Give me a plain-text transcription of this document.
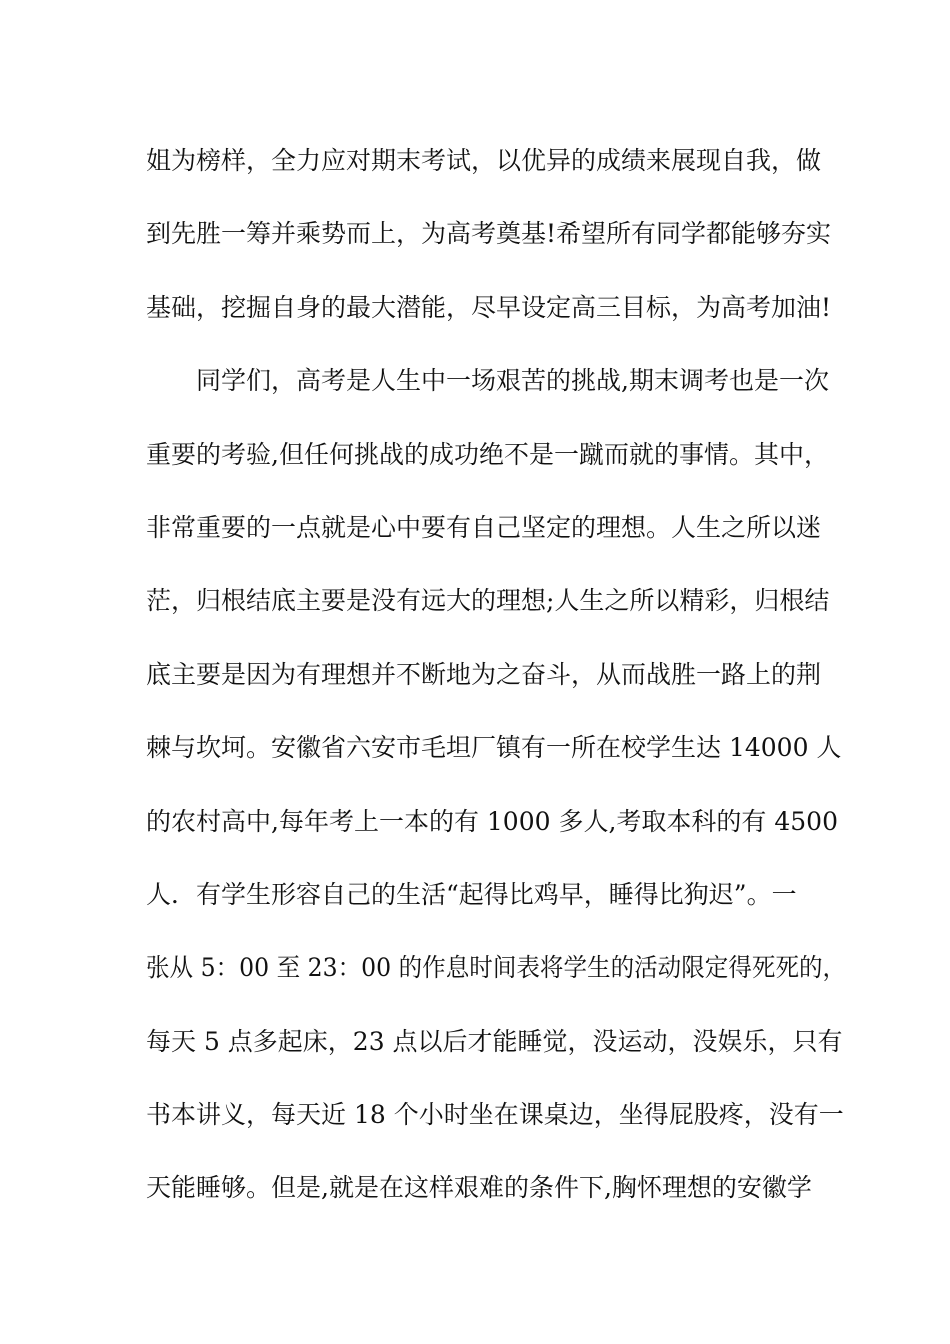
姐为榜样，全力应对期末考试，以优异的成绩来展现自我，做
到先胜一筹并乘势而上，为高考奠基!希望所有同学都能够夯实
基础，挖掘自身的最大潜能，尽早设定高三目标，为高考加油!
　　同学们，高考是人生中一场艰苦的挑战,期末调考也是一次
重要的考验,但任何挑战的成功绝不是一蹴而就的事情。其中，
非常重要的一点就是心中要有自己坚定的理想。人生之所以迷
茫，归根结底主要是没有远大的理想;人生之所以精彩，归根结
底主要是因为有理想并不断地为之奋斗，从而战胜一路上的荆
棘与坎坷。安徽省六安市毛坦厂镇有一所在校学生达 14000 人
的农村高中,每年考上一本的有 1000 多人,考取本科的有 4500
人．有学生形容自己的生活“起得比鸡早，睡得比狗迟”。一
张从 5：00 至 23：00 的作息时间表将学生的活动限定得死死的，
每天 5 点多起床，23 点以后才能睡觉，没运动，没娱乐，只有
书本讲义，每天近 18 个小时坐在课桌边，坐得屁股疼，没有一
天能睡够。但是,就是在这样艰难的条件下,胸怀理想的安徽学
